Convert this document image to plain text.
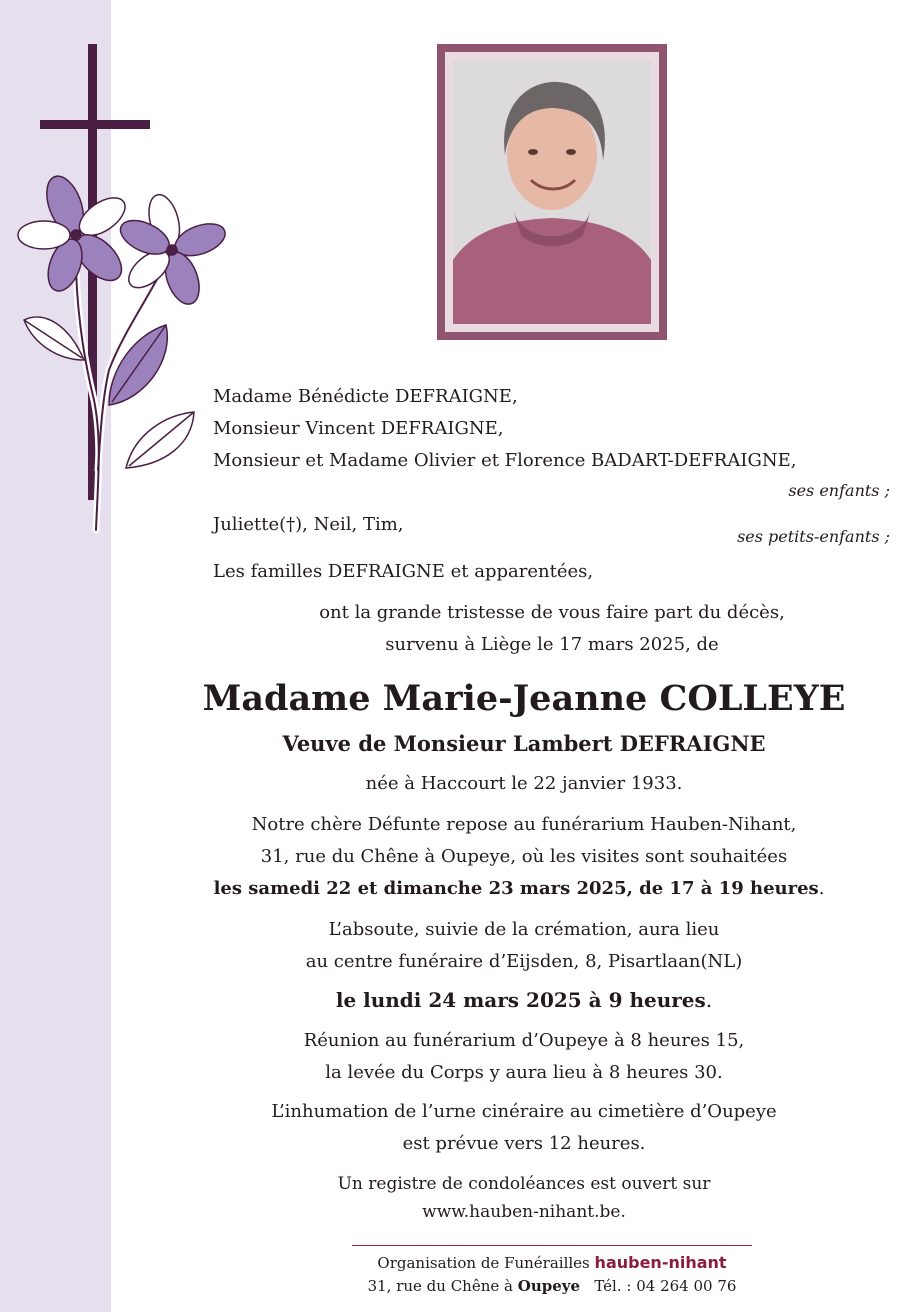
Madame Bénédicte DEFRAIGNE,
Monsieur Vincent DEFRAIGNE,
Monsieur et Madame Olivier et Florence BADART-DEFRAIGNE,
ses enfants ;
Juliette(†), Neil, Tim,
ses petits-enfants ;
Les familles DEFRAIGNE et apparentées,
ont la grande tristesse de vous faire part du décès,
survenu à Liège le 17 mars 2025, de
Madame Marie-Jeanne COLLEYE
Veuve de Monsieur Lambert DEFRAIGNE
née à Haccourt le 22 janvier 1933.
Notre chère Défunte repose au funérarium Hauben-Nihant,
31, rue du Chêne à Oupeye, où les visites sont souhaitées
les samedi 22 et dimanche 23 mars 2025, de 17 à 19 heures.
L’absoute, suivie de la crémation, aura lieu
au centre funéraire d’Eijsden, 8, Pisartlaan(NL)
le lundi 24 mars 2025 à 9 heures.
Réunion au funérarium d’Oupeye à 8 heures 15,
la levée du Corps y aura lieu à 8 heures 30.
L’inhumation de l’urne cinéraire au cimetière d’Oupeye
est prévue vers 12 heures.
Un registre de condoléances est ouvert sur
www.hauben-nihant.be.
Organisation de Funérailles hauben-nihant
31, rue du Chêne à Oupeye Tél. : 04 264 00 76
